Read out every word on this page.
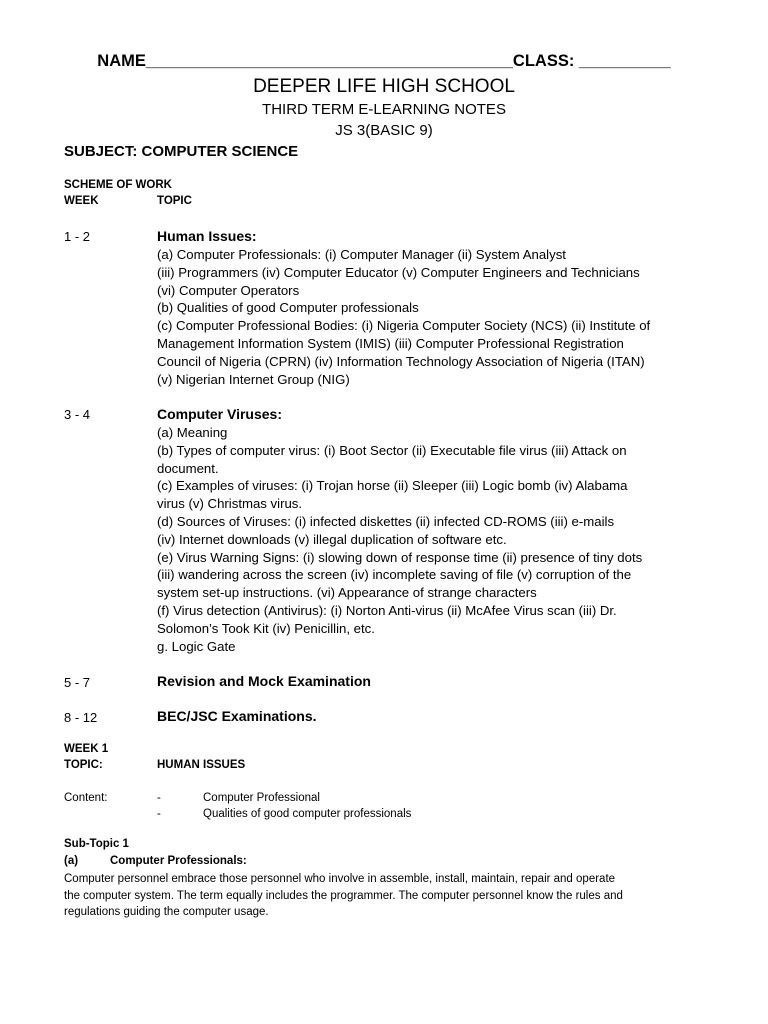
NAME________________________________________CLASS: __________
DEEPER LIFE HIGH SCHOOL
THIRD TERM E-LEARNING NOTES
JS 3(BASIC 9)
SUBJECT: COMPUTER SCIENCE
SCHEME OF WORK
WEEK	TOPIC
1 - 2	Human Issues:
(a) Computer Professionals: (i) Computer Manager (ii) System Analyst
(iii) Programmers (iv) Computer Educator (v) Computer Engineers and Technicians
(vi) Computer Operators
(b) Qualities of good Computer professionals
(c) Computer Professional Bodies: (i) Nigeria Computer Society (NCS) (ii) Institute of
Management Information System (IMIS) (iii) Computer Professional Registration
Council of Nigeria (CPRN) (iv) Information Technology Association of Nigeria (ITAN)
(v) Nigerian Internet Group (NIG)
3 - 4	Computer Viruses:
(a) Meaning
(b) Types of computer virus: (i) Boot Sector (ii) Executable file virus (iii) Attack on
document.
(c) Examples of viruses: (i) Trojan horse (ii) Sleeper (iii) Logic bomb (iv) Alabama
virus (v) Christmas virus.
(d) Sources of Viruses: (i) infected diskettes (ii) infected CD-ROMS (iii) e-mails
(iv) Internet downloads (v) illegal duplication of software etc.
(e) Virus Warning Signs: (i) slowing down of response time (ii) presence of tiny dots
(iii) wandering across the screen (iv) incomplete saving of file (v) corruption of the
system set-up instructions. (vi) Appearance of strange characters
(f) Virus detection (Antivirus): (i) Norton Anti-virus (ii) McAfee Virus scan (iii) Dr.
Solomon’s Took Kit (iv) Penicillin, etc.
g. Logic Gate
5 - 7	Revision and Mock Examination
8 - 12	BEC/JSC Examinations.
WEEK 1
TOPIC:	HUMAN ISSUES
Content:	-	Computer Professional
-	Qualities of good computer professionals
Sub-Topic 1
(a)	Computer Professionals:
Computer personnel embrace those personnel who involve in assemble, install, maintain, repair and operate
the computer system. The term equally includes the programmer. The computer personnel know the rules and
regulations guiding the computer usage.
